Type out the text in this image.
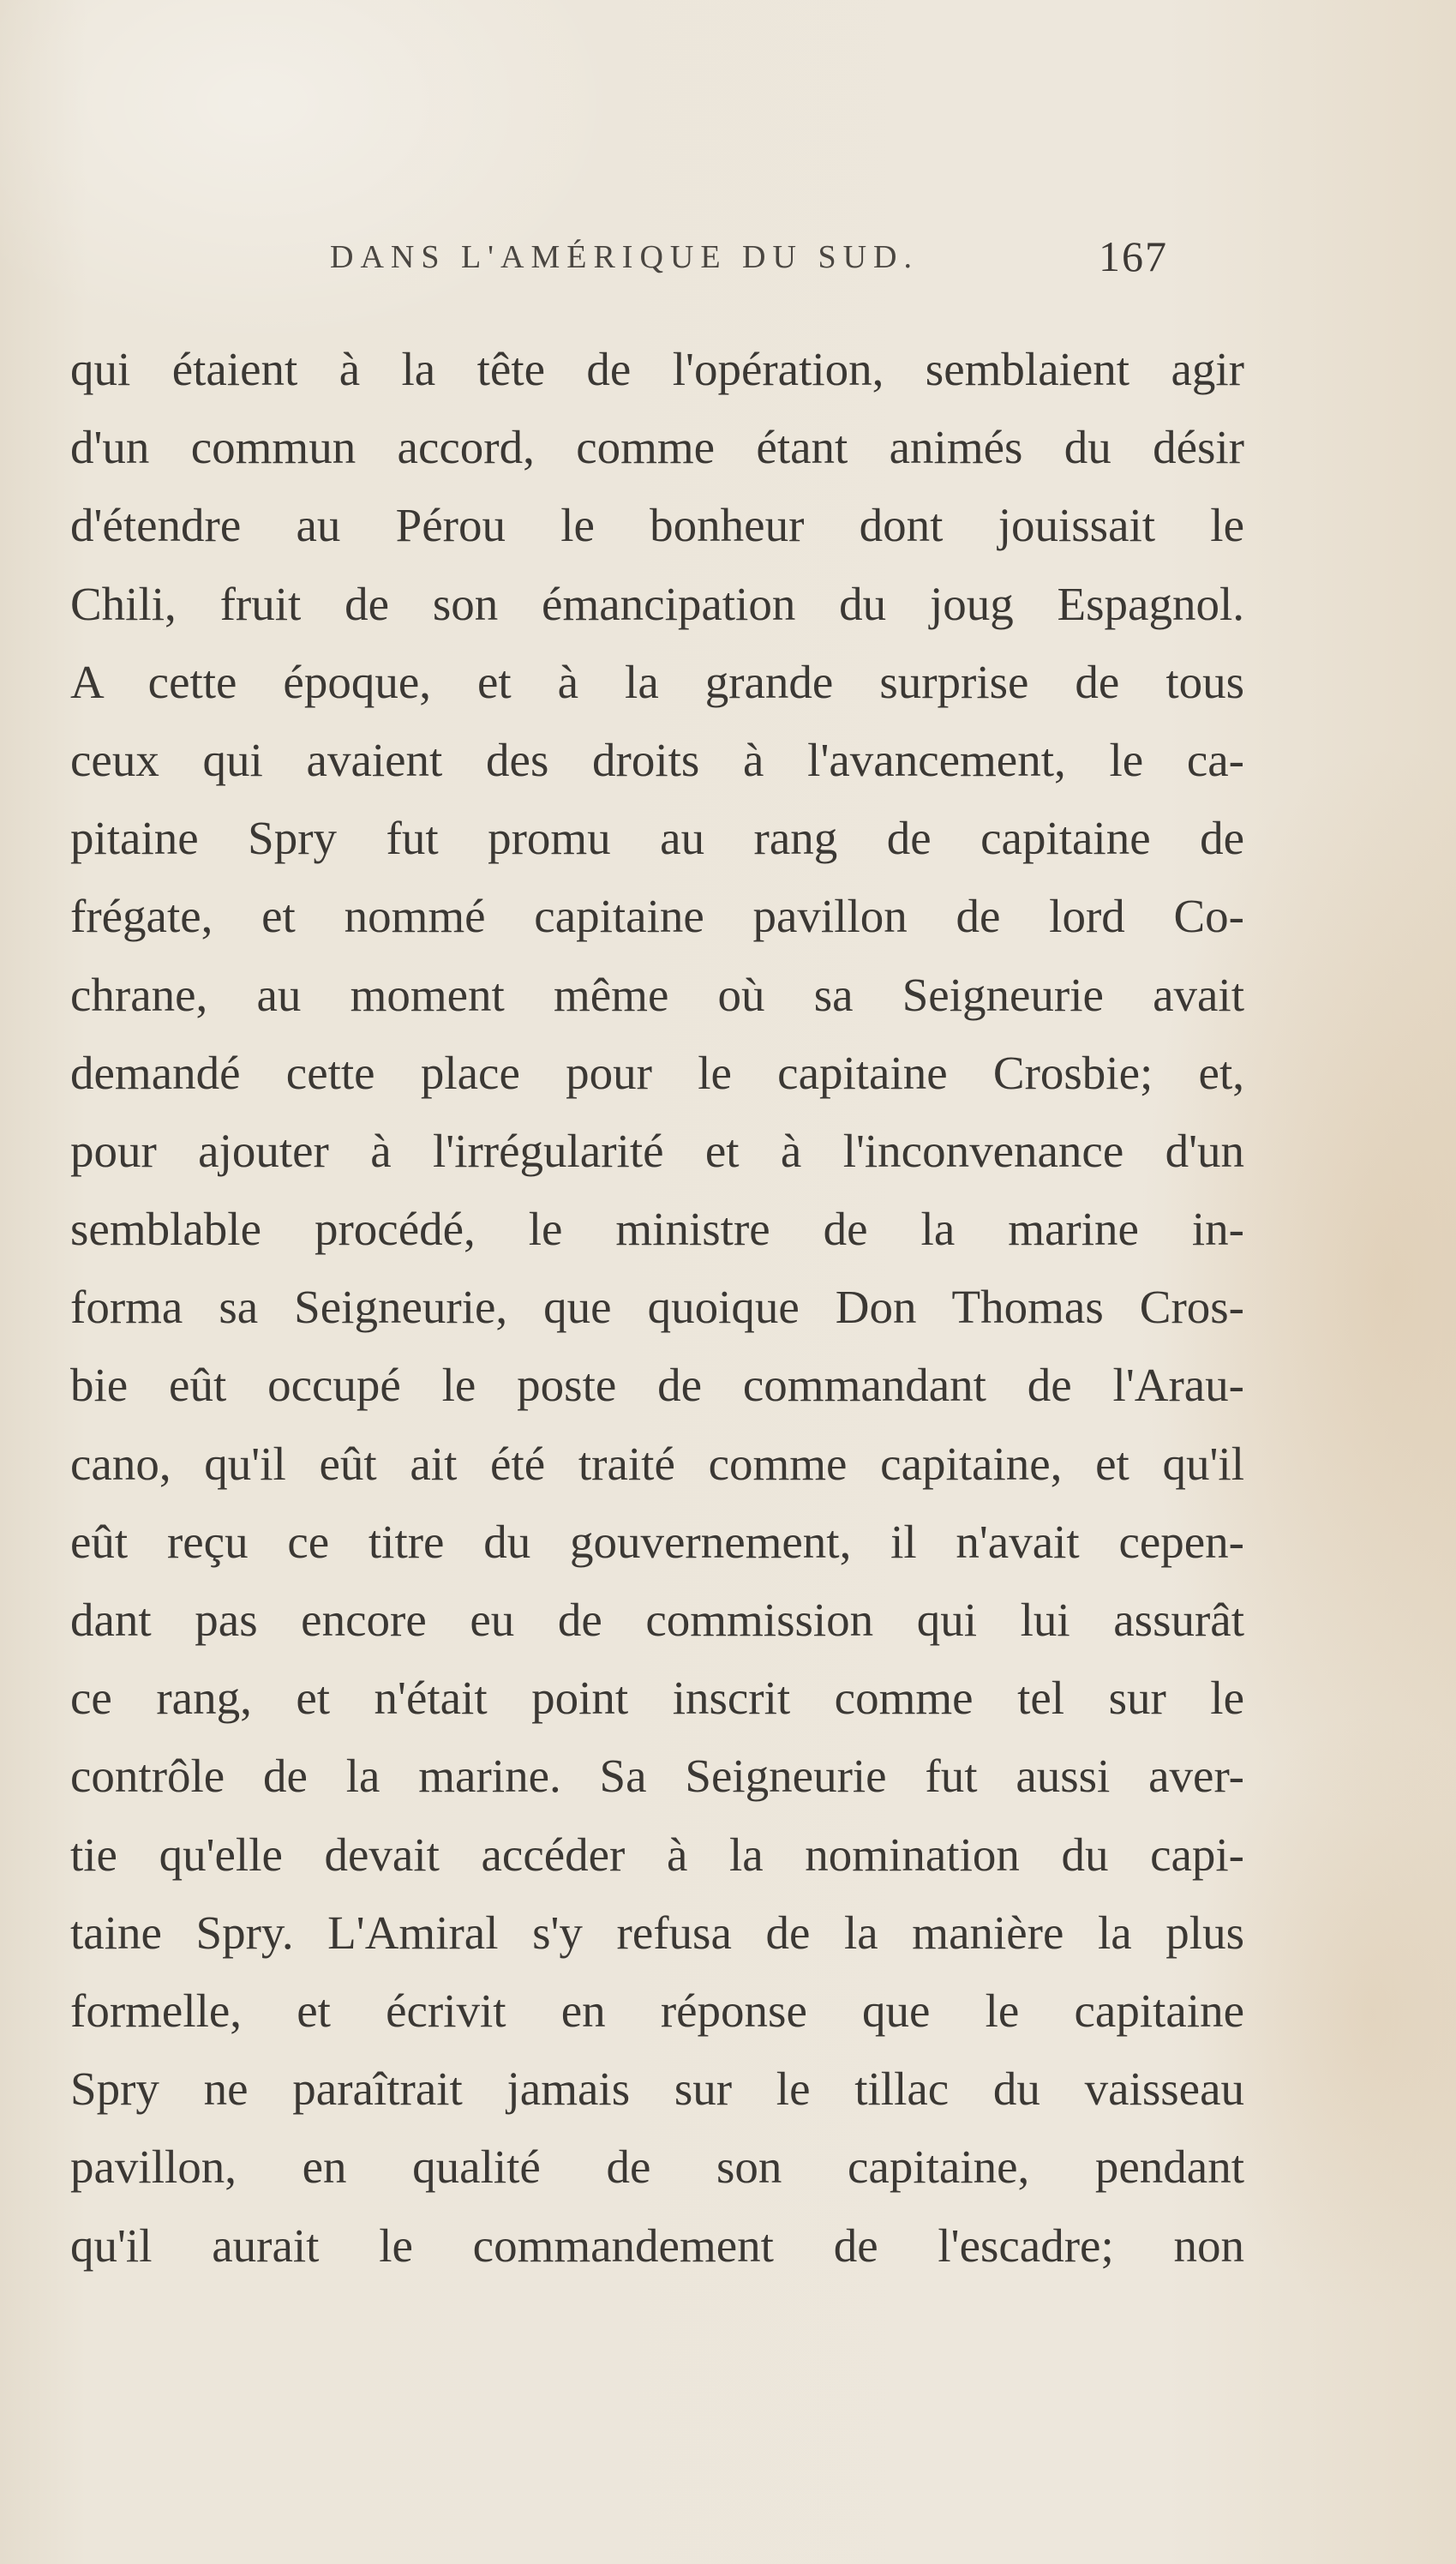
DANS L'AMÉRIQUE DU SUD.	167
qui étaient à la tête de l'opération, semblaient agir
d'un commun accord, comme étant animés du désir
d'étendre au Pérou le bonheur dont jouissait le
Chili, fruit de son émancipation du joug Espagnol.
A cette époque, et à la grande surprise de tous
ceux qui avaient des droits à l'avancement, le ca-
pitaine Spry fut promu au rang de capitaine de
frégate, et nommé capitaine pavillon de lord Co-
chrane, au moment même où sa Seigneurie avait
demandé cette place pour le capitaine Crosbie; et,
pour ajouter à l'irrégularité et à l'inconvenance d'un
semblable procédé, le ministre de la marine in-
forma sa Seigneurie, que quoique Don Thomas Cros-
bie eût occupé le poste de commandant de l'Arau-
cano, qu'il eût ait été traité comme capitaine, et qu'il
eût reçu ce titre du gouvernement, il n'avait cepen-
dant pas encore eu de commission qui lui assurât
ce rang, et n'était point inscrit comme tel sur le
contrôle de la marine. Sa Seigneurie fut aussi aver-
tie qu'elle devait accéder à la nomination du capi-
taine Spry. L'Amiral s'y refusa de la manière la plus
formelle, et écrivit en réponse que le capitaine
Spry ne paraîtrait jamais sur le tillac du vaisseau
pavillon, en qualité de son capitaine, pendant
qu'il aurait le commandement de l'escadre; non
